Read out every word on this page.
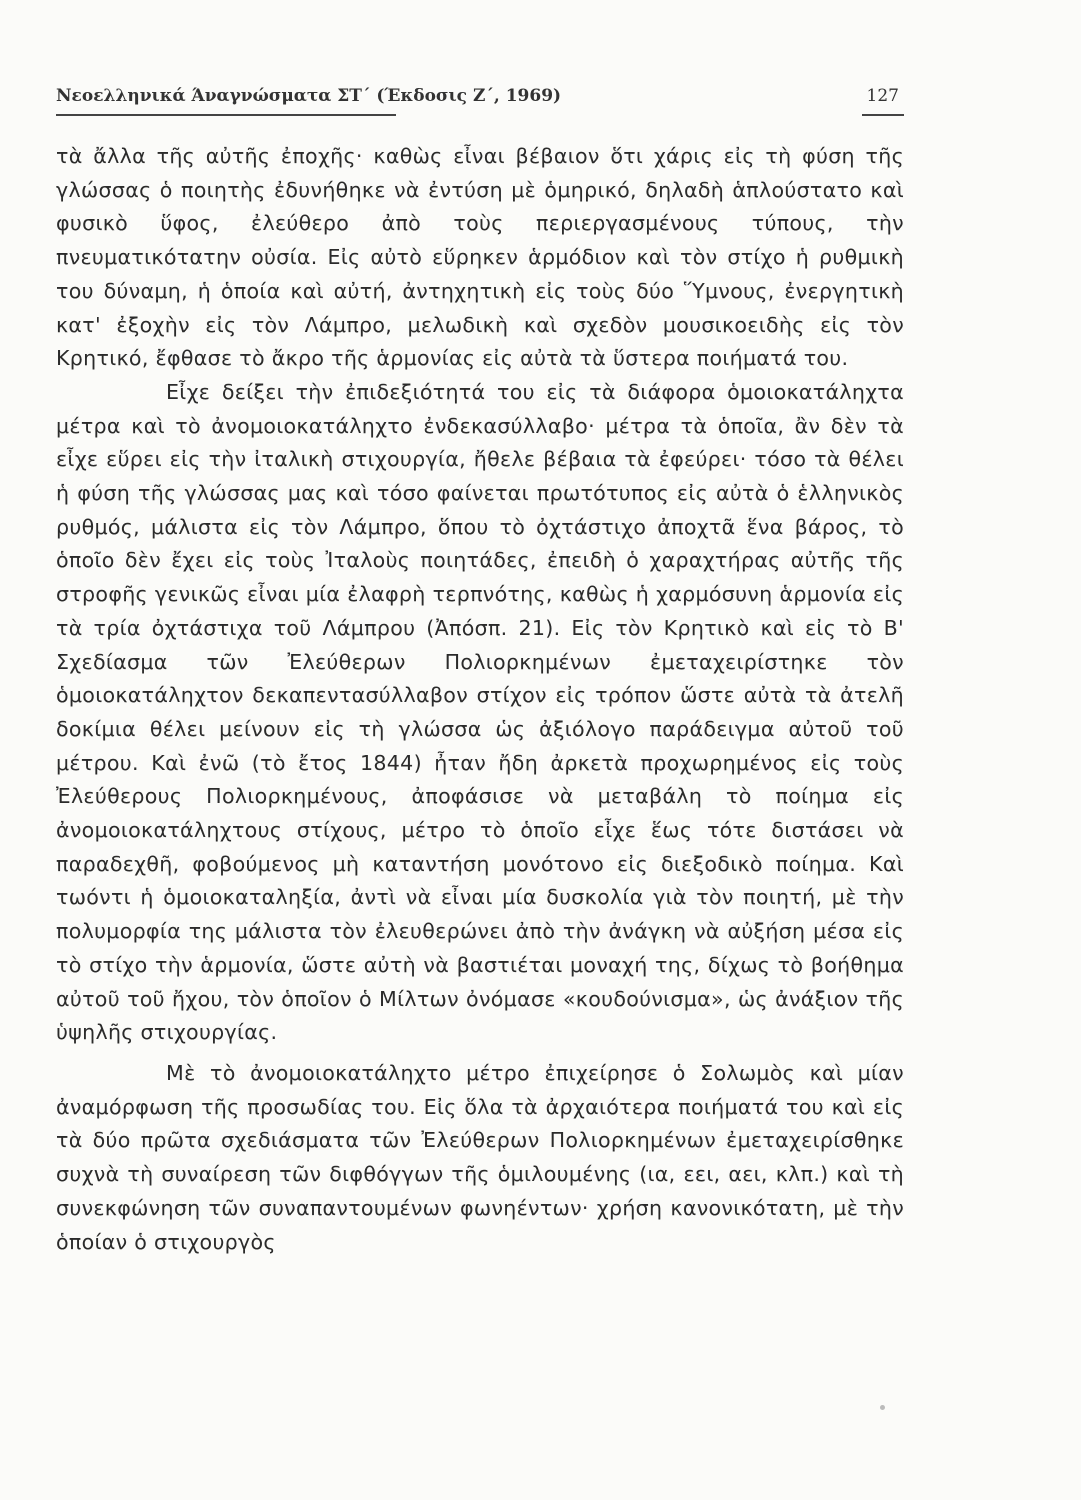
Νεοελληνικά Άναγνώσματα ΣΤ΄ (Έκδοσις Ζ΄, 1969)	127

τὰ ἄλλα τῆς αὐτῆς ἐποχῆς· καθὼς εἶναι βέβαιον ὅτι χάρις εἰς τὴ φύση τῆς γλώσσας ὁ ποιητὴς ἐδυνήθηκε νὰ ἐντύση μὲ ὁμηρικό, δηλαδὴ ἁπλούστατο καὶ φυσικὸ ὕφος, ἐλεύθερο ἀπὸ τοὺς περιεργασμένους τύπους, τὴν πνευματικότατην οὐσία. Εἰς αὐτὸ εὕρηκεν ἁρμόδιον καὶ τὸν στίχο ἡ ρυθμικὴ του δύναμη, ἡ ὁποία καὶ αὐτή, ἀντηχητικὴ εἰς τοὺς δύο Ὕμνους, ἐνεργητικὴ κατ' ἐξοχὴν εἰς τὸν Λάμπρο, μελωδικὴ καὶ σχεδὸν μουσικοειδὴς εἰς τὸν Κρητικό, ἔφθασε τὸ ἄκρο τῆς ἁρμονίας εἰς αὐτὰ τὰ ὕστερα ποιήματά του.

Εἶχε δείξει τὴν ἐπιδεξιότητά του εἰς τὰ διάφορα ὁμοιοκατάληχτα μέτρα καὶ τὸ ἀνομοιοκατάληχτο ἐνδεκασύλλαβο· μέτρα τὰ ὁποῖα, ἂν δὲν τὰ εἶχε εὕρει εἰς τὴν ἰταλικὴ στιχουργία, ἤθελε βέβαια τὰ ἐφεύρει· τόσο τὰ θέλει ἡ φύση τῆς γλώσσας μας καὶ τόσο φαίνεται πρωτότυπος εἰς αὐτὰ ὁ ἑλληνικὸς ρυθμός, μάλιστα εἰς τὸν Λάμπρο, ὅπου τὸ ὀχτάστιχο ἀποχτᾶ ἕνα βάρος, τὸ ὁποῖο δὲν ἔχει εἰς τοὺς Ἰταλοὺς ποιητάδες, ἐπειδὴ ὁ χαραχτήρας αὐτῆς τῆς στροφῆς γενικῶς εἶναι μία ἐλαφρὴ τερπνότης, καθὼς ἡ χαρμόσυνη ἁρμονία εἰς τὰ τρία ὀχτάστιχα τοῦ Λάμπρου (Ἀπόσπ. 21). Εἰς τὸν Κρητικὸ καὶ εἰς τὸ Β' Σχεδίασμα τῶν Ἐλεύθερων Πολιορκημένων ἐμεταχειρίστηκε τὸν ὁμοιοκατάληχτον δεκαπεντασύλλαβον στίχον εἰς τρόπον ὥστε αὐτὰ τὰ ἀτελῆ δοκίμια θέλει μείνουν εἰς τὴ γλώσσα ὡς ἀξιόλογο παράδειγμα αὐτοῦ τοῦ μέτρου. Καὶ ἐνῶ (τὸ ἔτος 1844) ἦταν ἤδη ἀρκετὰ προχωρημένος εἰς τοὺς Ἐλεύθερους Πολιορκημένους, ἀποφάσισε νὰ μεταβάλη τὸ ποίημα εἰς ἀνομοιοκατάληχτους στίχους, μέτρο τὸ ὁποῖο εἶχε ἕως τότε διστάσει νὰ παραδεχθῆ, φοβούμενος μὴ καταντήση μονότονο εἰς διεξοδικὸ ποίημα. Καὶ τωόντι ἡ ὁμοιοκαταληξία, ἀντὶ νὰ εἶναι μία δυσκολία γιὰ τὸν ποιητή, μὲ τὴν πολυμορφία της μάλιστα τὸν ἐλευθερώνει ἀπὸ τὴν ἀνάγκη νὰ αὐξήση μέσα εἰς τὸ στίχο τὴν ἁρμονία, ὥστε αὐτὴ νὰ βαστιέται μοναχή της, δίχως τὸ βοήθημα αὐτοῦ τοῦ ἤχου, τὸν ὁποῖον ὁ Μίλτων ὀνόμασε «κουδούνισμα», ὡς ἀνάξιον τῆς ὑψηλῆς στιχουργίας.

Μὲ τὸ ἀνομοιοκατάληχτο μέτρο ἐπιχείρησε ὁ Σολωμὸς καὶ μίαν ἀναμόρφωση τῆς προσωδίας του. Εἰς ὅλα τὰ ἀρχαιότερα ποιήματά του καὶ εἰς τὰ δύο πρῶτα σχεδιάσματα τῶν Ἐλεύθερων Πολιορκημένων ἐμεταχειρίσθηκε συχνὰ τὴ συναίρεση τῶν διφθόγγων τῆς ὁμιλουμένης (ια, εει, αει, κλπ.) καὶ τὴ συνεκφώνηση τῶν συναπαντουμένων φωνηέντων· χρήση κανονικότατη, μὲ τὴν ὁποίαν ὁ στιχουργὸς
